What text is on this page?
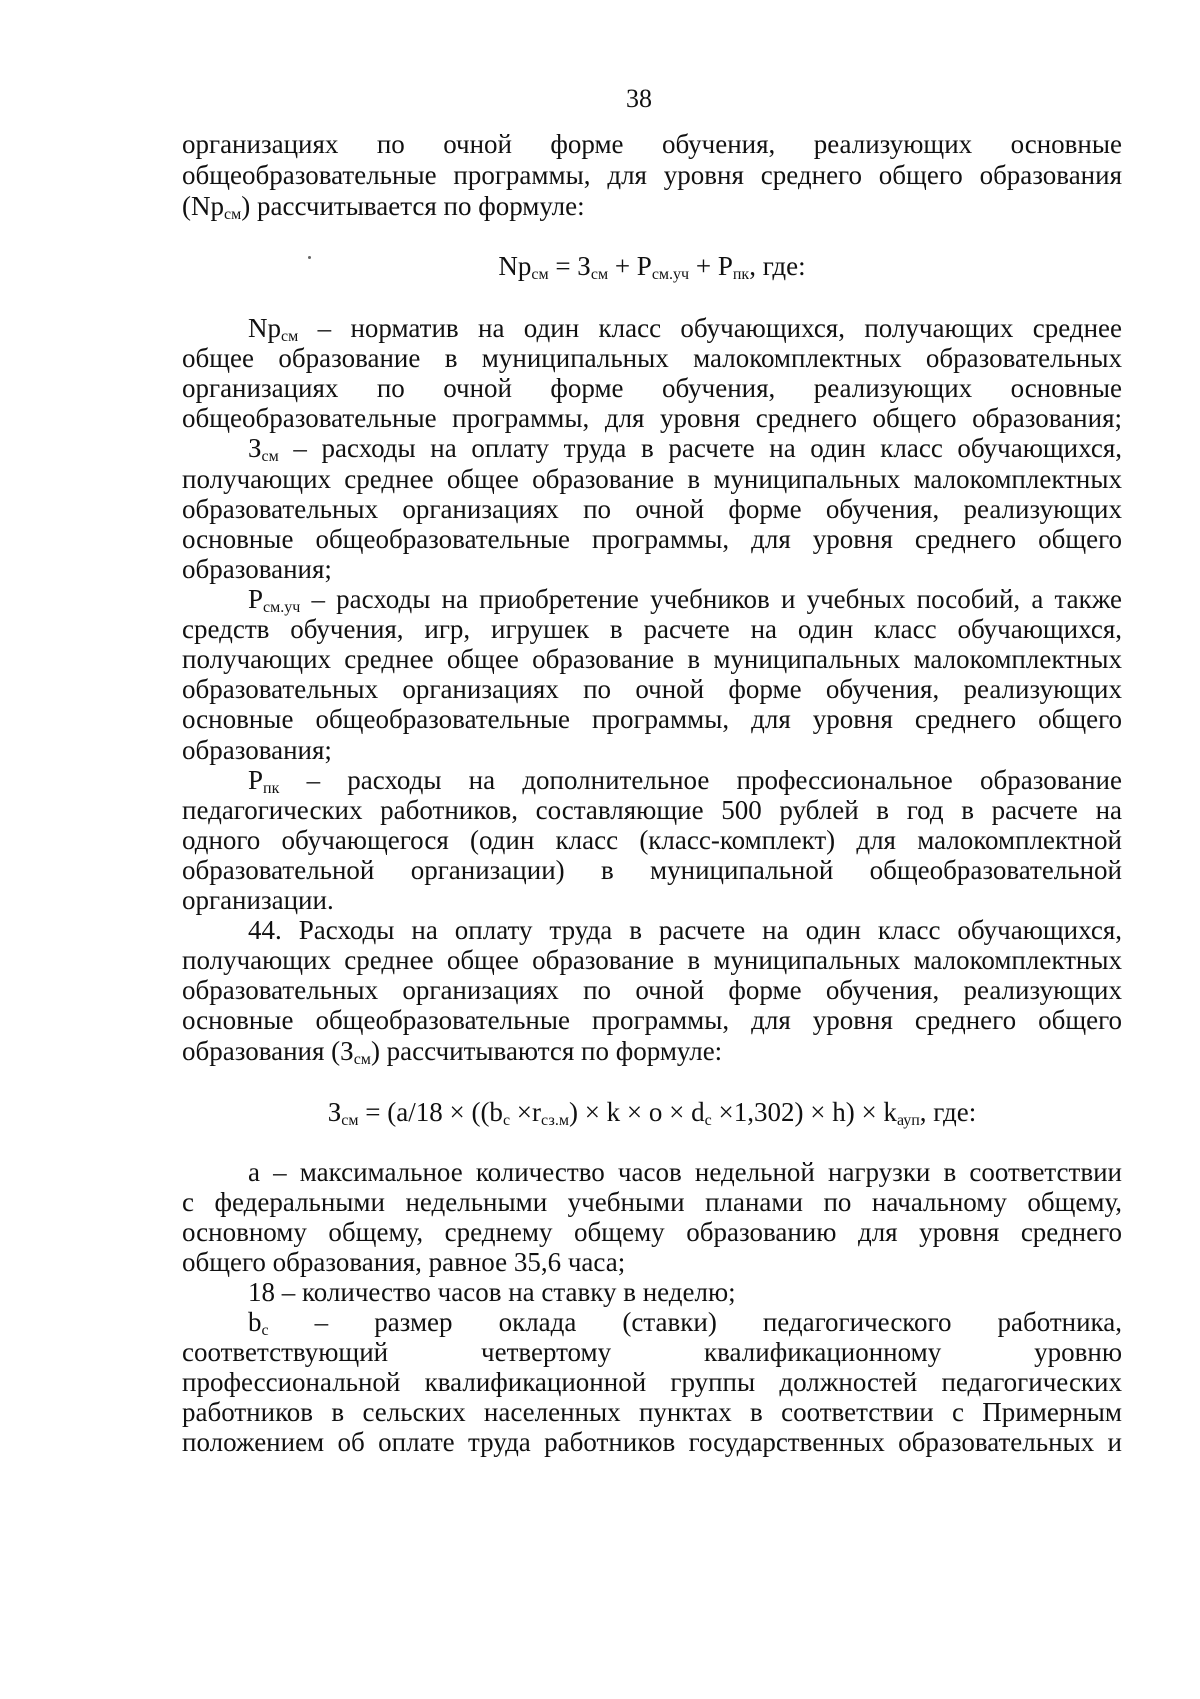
38
организациях по очной форме обучения, реализующих основные
общеобразовательные программы, для уровня среднего общего образования
$(Np_{см})$ рассчитывается по формуле:
$Np_{см} = З_{см} + Р_{см.уч} + Р_{пк}$, где:
$Np_{см}$ – норматив на один класс обучающихся, получающих среднее
общее образование в муниципальных малокомплектных образовательных
организациях по очной форме обучения, реализующих основные
общеобразовательные программы, для уровня среднего общего образования;
$З_{см}$ – расходы на оплату труда в расчете на один класс обучающихся,
получающих среднее общее образование в муниципальных малокомплектных
образовательных организациях по очной форме обучения, реализующих
основные общеобразовательные программы, для уровня среднего общего
образования;
$Р_{см.уч}$ – расходы на приобретение учебников и учебных пособий, а также
средств обучения, игр, игрушек в расчете на один класс обучающихся,
получающих среднее общее образование в муниципальных малокомплектных
образовательных организациях по очной форме обучения, реализующих
основные общеобразовательные программы, для уровня среднего общего
образования;
$Р_{пк}$ – расходы на дополнительное профессиональное образование
педагогических работников, составляющие 500 рублей в год в расчете на
одного обучающегося (один класс (класс-комплект) для малокомплектной
образовательной организации) в муниципальной общеобразовательной
организации.
44. Расходы на оплату труда в расчете на один класс обучающихся,
получающих среднее общее образование в муниципальных малокомплектных
образовательных организациях по очной форме обучения, реализующих
основные общеобразовательные программы, для уровня среднего общего
образования $(З_{см})$ рассчитываются по формуле:
$З_{см} = (а/18 \times ((b_с \times r_{сз.м}) \times k \times о \times d_с \times 1,302) \times h) \times k_{ауп}$, где:
а – максимальное количество часов недельной нагрузки в соответствии
с федеральными недельными учебными планами по начальному общему,
основному общему, среднему общему образованию для уровня среднего
общего образования, равное 35,6 часа;
18 – количество часов на ставку в неделю;
$b_с$ – размер оклада (ставки) педагогического работника,
соответствующий четвертому квалификационному уровню
профессиональной квалификационной группы должностей педагогических
работников в сельских населенных пунктах в соответствии с Примерным
положением об оплате труда работников государственных образовательных и
